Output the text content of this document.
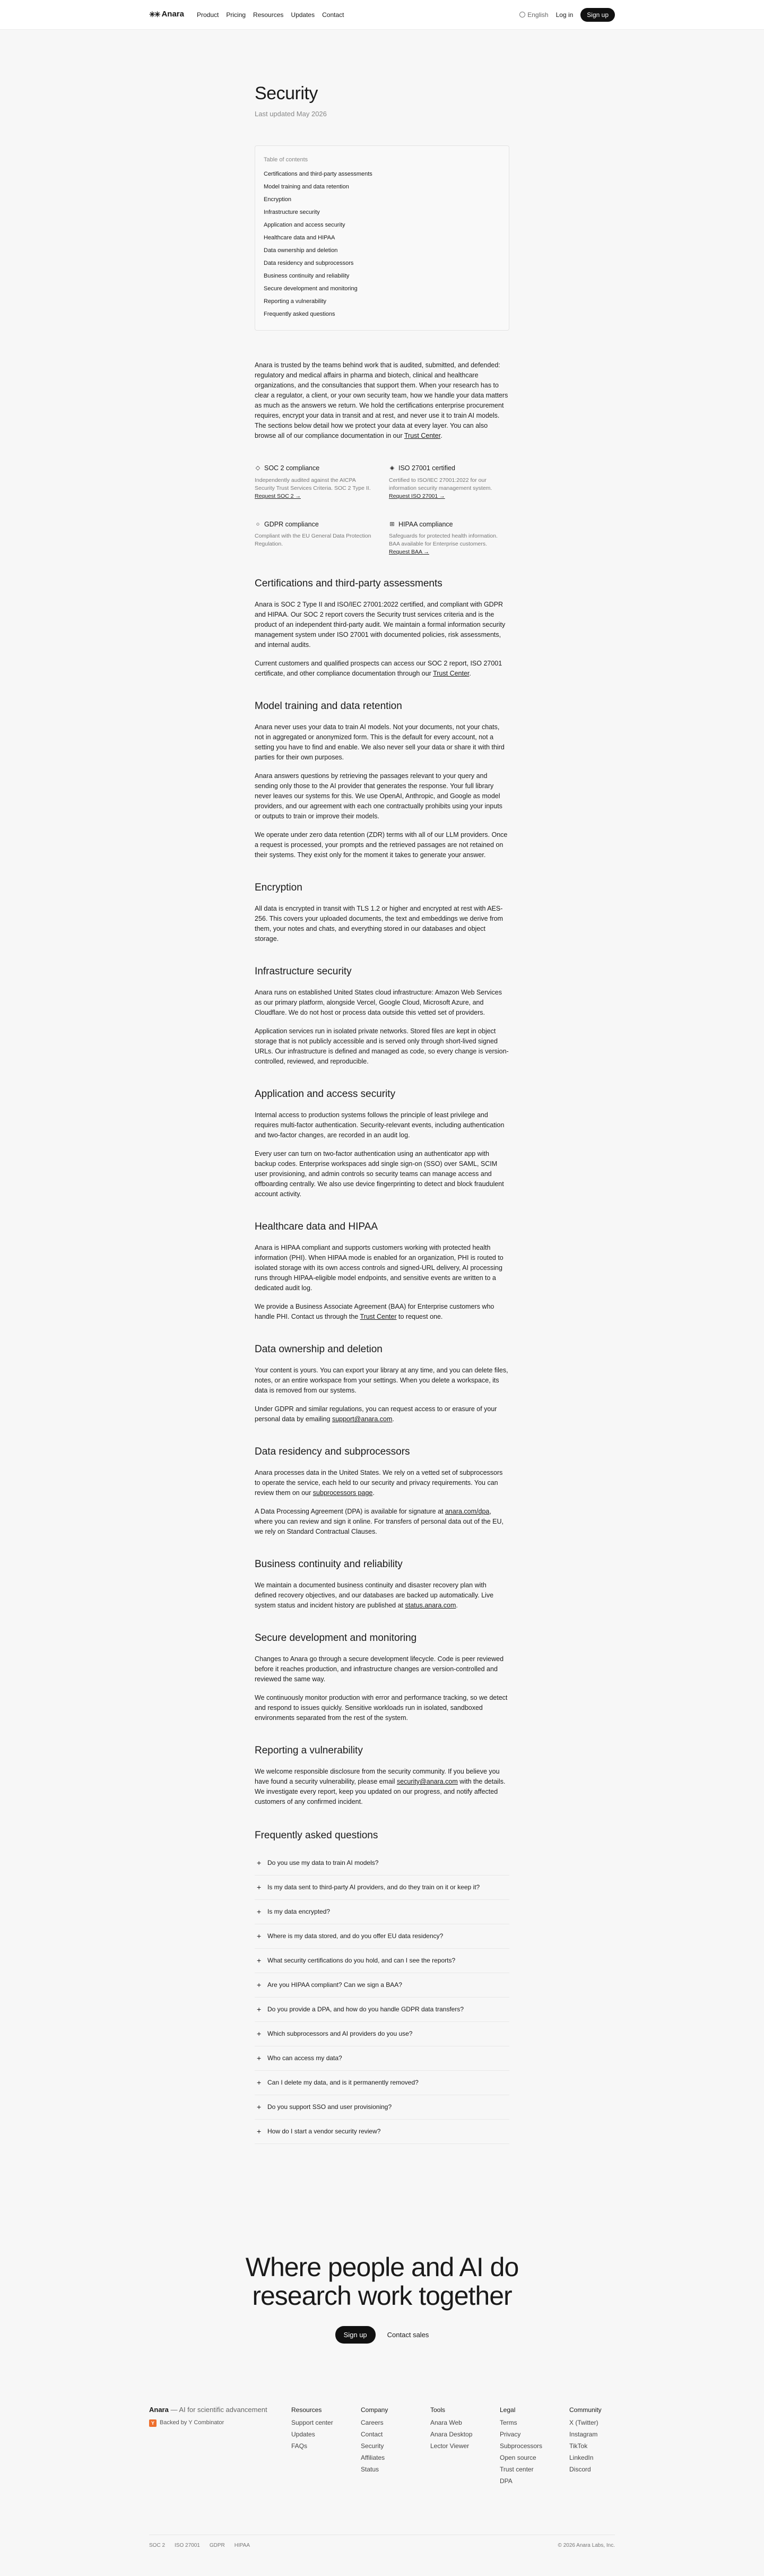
✳✳ Anara Product Pricing Resources Updates Contact	English Log in	Sign up
Security
Last updated May 2026
Table of contents
Certifications and third-party assessments
Model training and data retention
Encryption
Infrastructure security
Application and access security
Healthcare data and HIPAA
Data ownership and deletion
Data residency and subprocessors
Business continuity and reliability
Secure development and monitoring
Reporting a vulnerability
Frequently asked questions

Anara is trusted by the teams behind work that is audited, submitted, and defended: regulatory and medical affairs in pharma and biotech, clinical and healthcare organizations, and the consultancies that support them. When your research has to clear a regulator, a client, or your own security team, how we handle your data matters as much as the answers we return. We hold the certifications enterprise procurement requires, encrypt your data in transit and at rest, and never use it to train AI models. The sections below detail how we protect your data at every layer. You can also browse all of our compliance documentation in our Trust Center.

◇ SOC 2 compliance
Independently audited against the AICPA Security Trust Services Criteria. SOC 2 Type II. Request SOC 2 →
◈ ISO 27001 certified
Certified to ISO/IEC 27001:2022 for our information security management system. Request ISO 27001 →
○ GDPR compliance
Compliant with the EU General Data Protection Regulation.
⊞ HIPAA compliance
Safeguards for protected health information. BAA available for Enterprise customers. Request BAA →
Certifications and third-party assessments

Anara is SOC 2 Type II and ISO/IEC 27001:2022 certified, and compliant with GDPR and HIPAA. Our SOC 2 report covers the Security trust services criteria and is the product of an independent third-party audit. We maintain a formal information security management system under ISO 27001 with documented policies, risk assessments, and internal audits.

Current customers and qualified prospects can access our SOC 2 report, ISO 27001 certificate, and other compliance documentation through our Trust Center.

Model training and data retention

Anara never uses your data to train AI models. Not your documents, not your chats, not in aggregated or anonymized form. This is the default for every account, not a setting you have to find and enable. We also never sell your data or share it with third parties for their own purposes.

Anara answers questions by retrieving the passages relevant to your query and sending only those to the AI provider that generates the response. Your full library never leaves our systems for this. We use OpenAI, Anthropic, and Google as model providers, and our agreement with each one contractually prohibits using your inputs or outputs to train or improve their models.

We operate under zero data retention (ZDR) terms with all of our LLM providers. Once a request is processed, your prompts and the retrieved passages are not retained on their systems. They exist only for the moment it takes to generate your answer.

Encryption

All data is encrypted in transit with TLS 1.2 or higher and encrypted at rest with AES-256. This covers your uploaded documents, the text and embeddings we derive from them, your notes and chats, and everything stored in our databases and object storage.

Infrastructure security

Anara runs on established United States cloud infrastructure: Amazon Web Services as our primary platform, alongside Vercel, Google Cloud, Microsoft Azure, and Cloudflare. We do not host or process data outside this vetted set of providers.

Application services run in isolated private networks. Stored files are kept in object storage that is not publicly accessible and is served only through short-lived signed URLs. Our infrastructure is defined and managed as code, so every change is version-controlled, reviewed, and reproducible.

Application and access security

Internal access to production systems follows the principle of least privilege and requires multi-factor authentication. Security-relevant events, including authentication and two-factor changes, are recorded in an audit log.

Every user can turn on two-factor authentication using an authenticator app with backup codes. Enterprise workspaces add single sign-on (SSO) over SAML, SCIM user provisioning, and admin controls so security teams can manage access and offboarding centrally. We also use device fingerprinting to detect and block fraudulent account activity.

Healthcare data and HIPAA

Anara is HIPAA compliant and supports customers working with protected health information (PHI). When HIPAA mode is enabled for an organization, PHI is routed to isolated storage with its own access controls and signed-URL delivery, AI processing runs through HIPAA-eligible model endpoints, and sensitive events are written to a dedicated audit log.

We provide a Business Associate Agreement (BAA) for Enterprise customers who handle PHI. Contact us through the Trust Center to request one.

Data ownership and deletion

Your content is yours. You can export your library at any time, and you can delete files, notes, or an entire workspace from your settings. When you delete a workspace, its data is removed from our systems.

Under GDPR and similar regulations, you can request access to or erasure of your personal data by emailing support@anara.com.

Data residency and subprocessors

Anara processes data in the United States. We rely on a vetted set of subprocessors to operate the service, each held to our security and privacy requirements. You can review them on our subprocessors page.

A Data Processing Agreement (DPA) is available for signature at anara.com/dpa, where you can review and sign it online. For transfers of personal data out of the EU, we rely on Standard Contractual Clauses.

Business continuity and reliability

We maintain a documented business continuity and disaster recovery plan with defined recovery objectives, and our databases are backed up automatically. Live system status and incident history are published at status.anara.com.

Secure development and monitoring

Changes to Anara go through a secure development lifecycle. Code is peer reviewed before it reaches production, and infrastructure changes are version-controlled and reviewed the same way.

We continuously monitor production with error and performance tracking, so we detect and respond to issues quickly. Sensitive workloads run in isolated, sandboxed environments separated from the rest of the system.

Reporting a vulnerability

We welcome responsible disclosure from the security community. If you believe you have found a security vulnerability, please email security@anara.com with the details. We investigate every report, keep you updated on our progress, and notify affected customers of any confirmed incident.

Frequently asked questions
+ Do you use my data to train AI models?
+ Is my data sent to third-party AI providers, and do they train on it or keep it?
+ Is my data encrypted?
+ Where is my data stored, and do you offer EU data residency?
+ What security certifications do you hold, and can I see the reports?
+ Are you HIPAA compliant? Can we sign a BAA?
+ Do you provide a DPA, and how do you handle GDPR data transfers?
+ Which subprocessors and AI providers do you use?
+ Who can access my data?
+ Can I delete my data, and is it permanently removed?
+ Do you support SSO and user provisioning?
+ How do I start a vendor security review?
Where people and AI do research work together
Sign up	Contact sales
Anara — AI for scientific advancement
Y Backed by Y Combinator
Resources
Support center
Updates
FAQs
Company
Careers
Contact
Security
Affiliates
Status
Tools
Anara Web
Anara Desktop
Lector Viewer
Legal
Terms
Privacy
Subprocessors
Open source
Trust center
DPA
Community
X (Twitter)
Instagram
TikTok
LinkedIn
Discord
SOC 2 ISO 27001 GDPR HIPAA	© 2026 Anara Labs, Inc.
